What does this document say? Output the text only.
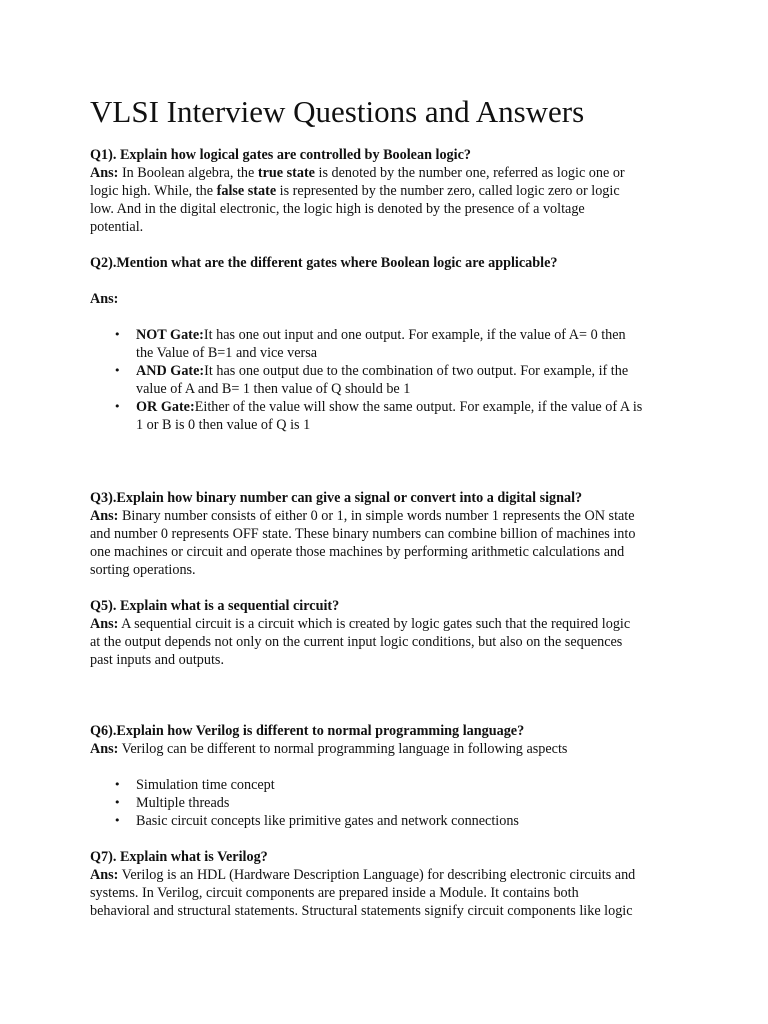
VLSI Interview Questions and Answers
Q1). Explain how logical gates are controlled by Boolean logic?
Ans: In Boolean algebra, the true state is denoted by the number one, referred as logic one or
logic high. While, the false state is represented by the number zero, called logic zero or logic
low. And in the digital electronic, the logic high is denoted by the presence of a voltage
potential.
Q2).Mention what are the different gates where Boolean logic are applicable?
Ans:
• NOT Gate:It has one out input and one output. For example, if the value of A= 0 then
the Value of B=1 and vice versa
• AND Gate:It has one output due to the combination of two output. For example, if the
value of A and B= 1 then value of Q should be 1
• OR Gate:Either of the value will show the same output. For example, if the value of A is
1 or B is 0 then value of Q is 1
Q3).Explain how binary number can give a signal or convert into a digital signal?
Ans: Binary number consists of either 0 or 1, in simple words number 1 represents the ON state
and number 0 represents OFF state. These binary numbers can combine billion of machines into
one machines or circuit and operate those machines by performing arithmetic calculations and
sorting operations.
Q5). Explain what is a sequential circuit?
Ans: A sequential circuit is a circuit which is created by logic gates such that the required logic
at the output depends not only on the current input logic conditions, but also on the sequences
past inputs and outputs.
Q6).Explain how Verilog is different to normal programming language?
Ans: Verilog can be different to normal programming language in following aspects
• Simulation time concept
• Multiple threads
• Basic circuit concepts like primitive gates and network connections
Q7). Explain what is Verilog?
Ans: Verilog is an HDL (Hardware Description Language) for describing electronic circuits and
systems. In Verilog, circuit components are prepared inside a Module. It contains both
behavioral and structural statements. Structural statements signify circuit components like logic
